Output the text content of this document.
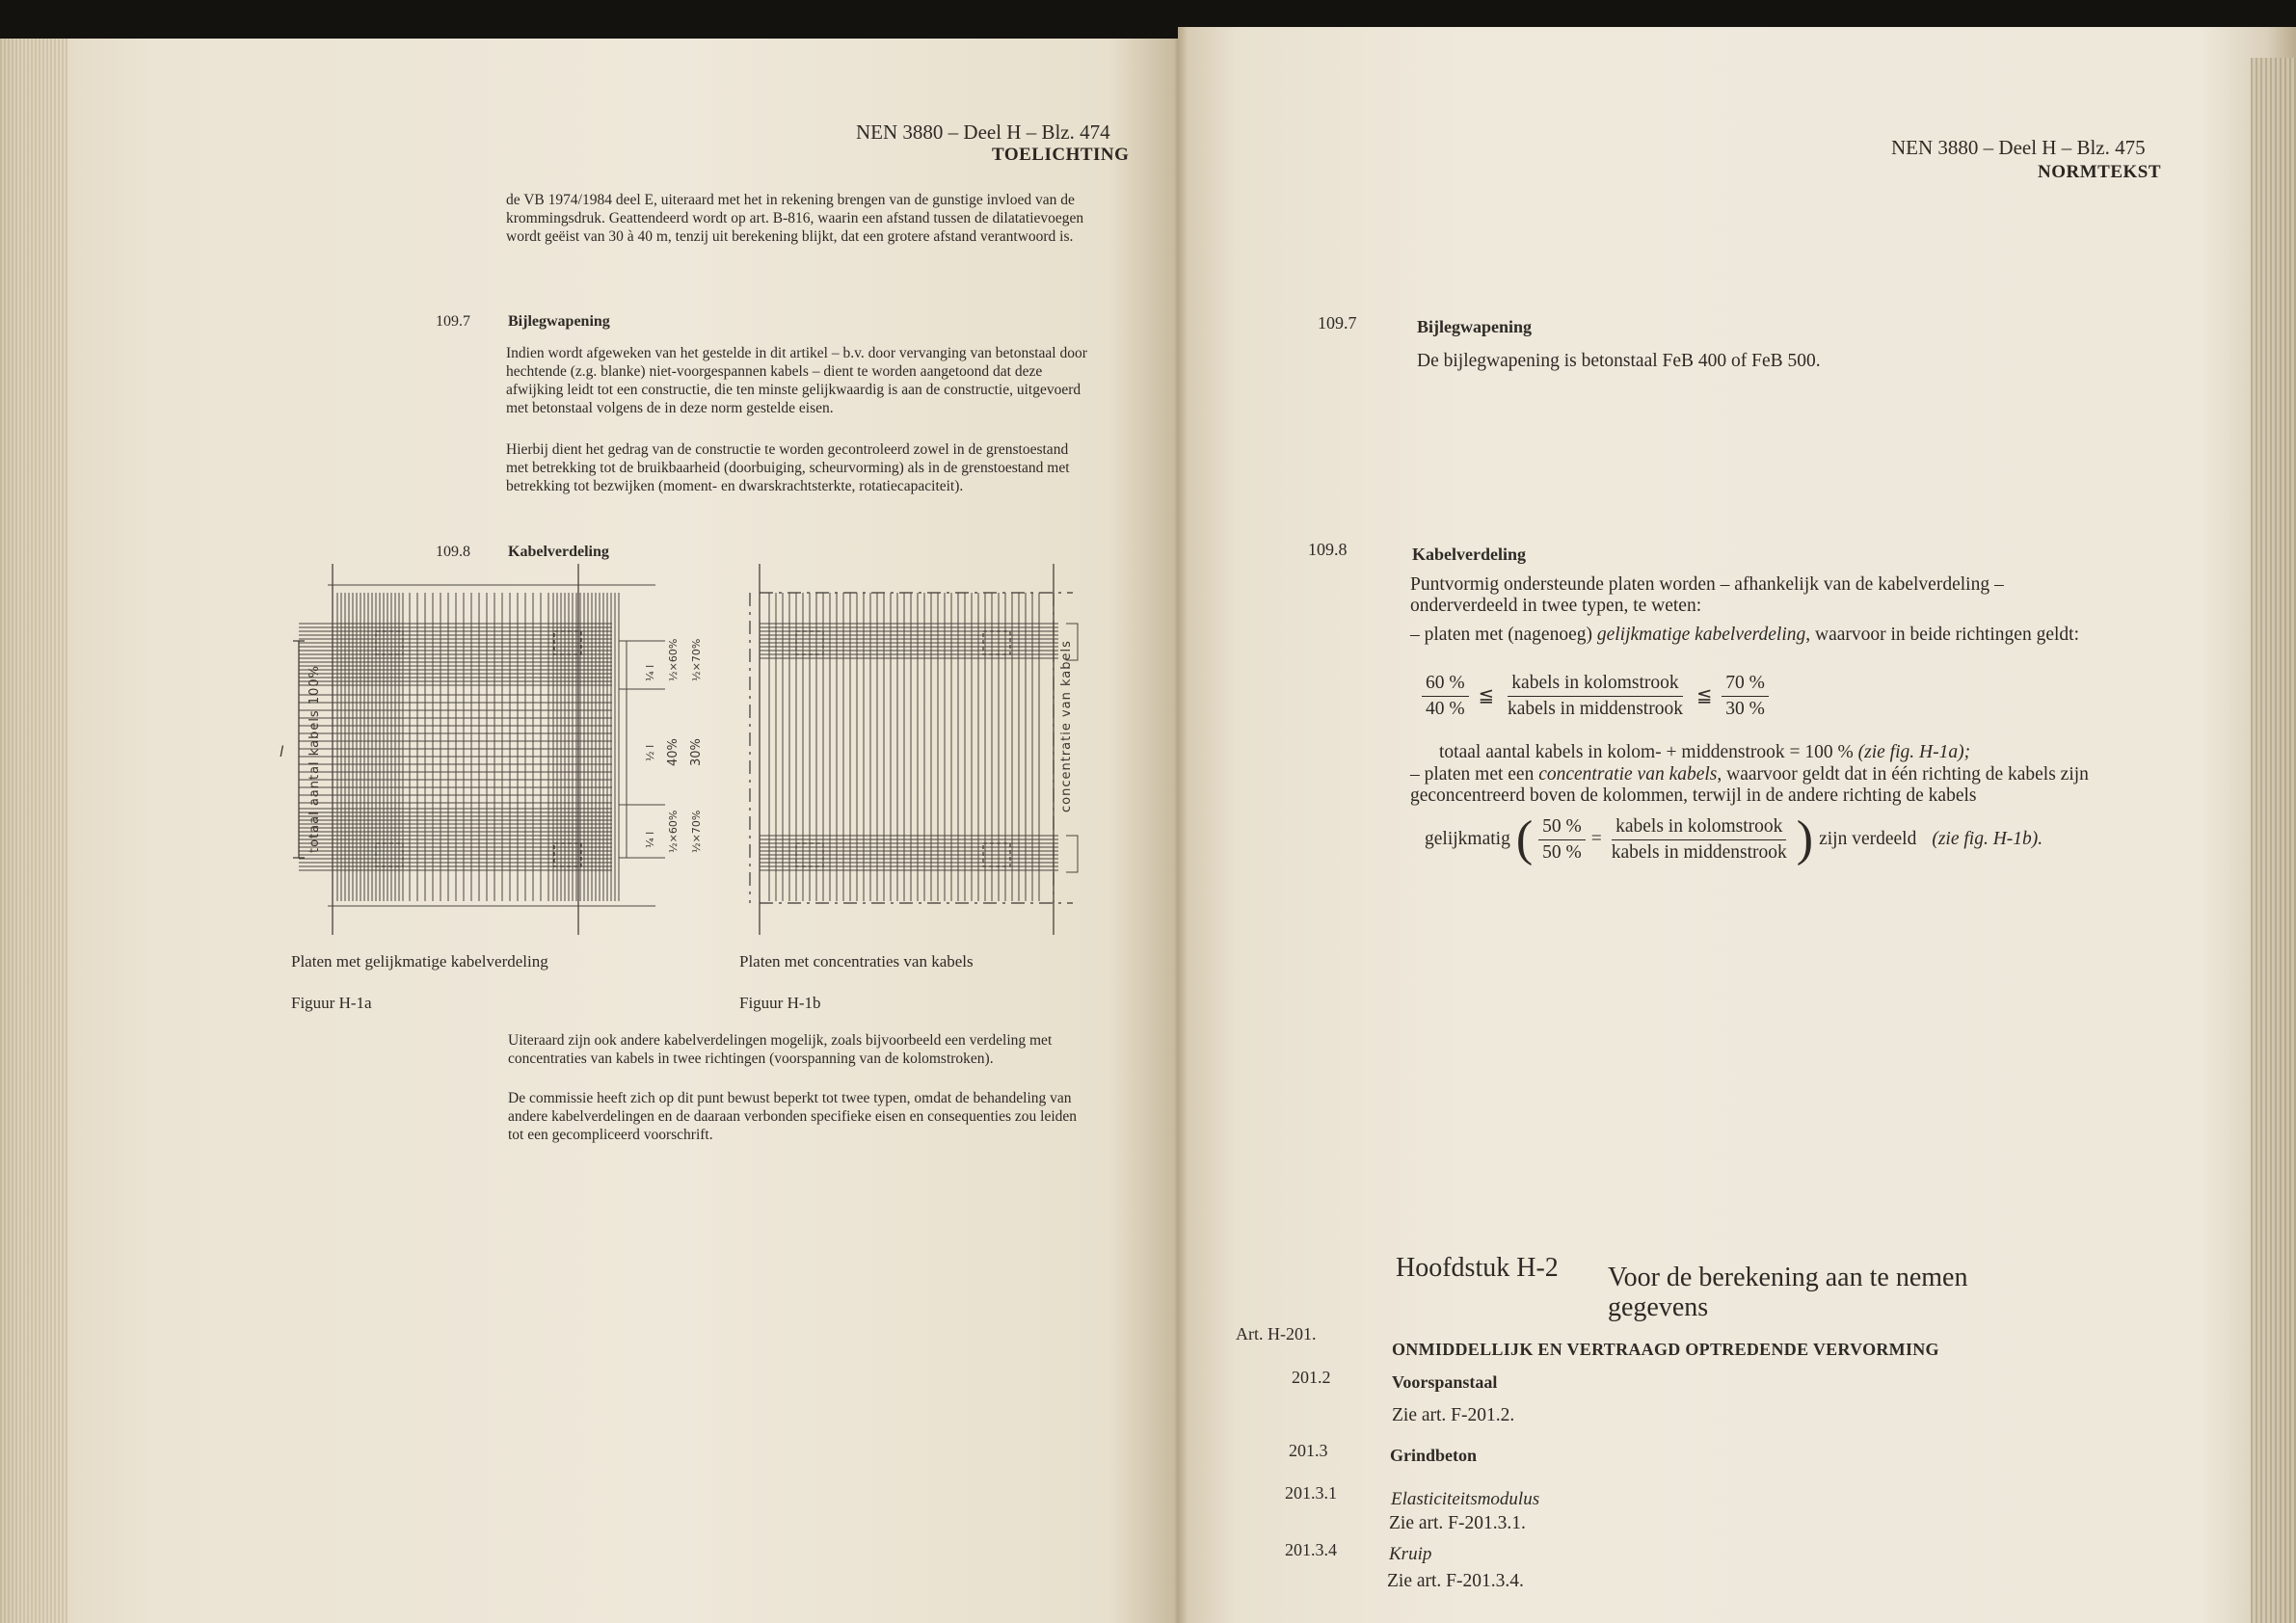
NEN 3880 – Deel H – Blz. 474
TOELICHTING
de VB 1974/1984 deel E, uiteraard met het in rekening brengen van de gunstige invloed van de krommingsdruk. Geattendeerd wordt op art. B-816, waarin een afstand tussen de dilatatievoegen wordt geëist van 30 à 40 m, tenzij uit berekening blijkt, dat een grotere afstand verantwoord is.
109.7 Bijlegwapening
Indien wordt afgeweken van het gestelde in dit artikel – b.v. door vervanging van betonstaal door hechtende (z.g. blanke) niet-voorgespannen kabels – dient te worden aangetoond dat deze afwijking leidt tot een constructie, die ten minste gelijkwaardig is aan de constructie, uitgevoerd met betonstaal volgens de in deze norm gestelde eisen.
Hierbij dient het gedrag van de constructie te worden gecontroleerd zowel in de grenstoestand met betrekking tot de bruikbaarheid (doorbuiging, scheurvorming) als in de grenstoestand met betrekking tot bezwijken (moment- en dwarskrachtsterkte, rotatiecapaciteit).
109.8 Kabelverdeling
l totaal aantal kabels 100%	¼ l ½×60% ½×70%
½ l 40% 30%
¼ l ½×60% ½×70%
concentratie van kabels
Platen met gelijkmatige kabelverdeling	Platen met concentraties van kabels
Figuur H-1a	Figuur H-1b
Uiteraard zijn ook andere kabelverdelingen mogelijk, zoals bijvoorbeeld een verdeling met concentraties van kabels in twee richtingen (voorspanning van de kolomstroken).
De commissie heeft zich op dit punt bewust beperkt tot twee typen, omdat de behandeling van andere kabelverdelingen en de daaraan verbonden specifieke eisen en consequenties zou leiden tot een gecompliceerd voorschrift.
NEN 3880 – Deel H – Blz. 475
NORMTEKST
109.7	Bijlegwapening
De bijlegwapening is betonstaal FeB 400 of FeB 500.
109.8	Kabelverdeling
Puntvormig ondersteunde platen worden – afhankelijk van de kabelverdeling – onderverdeeld in twee typen, te weten:
– platen met (nagenoeg) gelijkmatige kabelverdeling, waarvoor in beide richtingen geldt:
$\frac{60 \%}{40 \%}$ ≦ $\frac{\text{kabels in kolomstrook}}{\text{kabels in middenstrook}}$ ≦ $\frac{70 \%}{30 \%}$
totaal aantal kabels in kolom- + middenstrook = 100 % (zie fig. H-1a);
– platen met een concentratie van kabels, waarvoor geldt dat in één richting de kabels zijn geconcentreerd boven de kolommen, terwijl in de andere richting de kabels
gelijkmatig ( $\frac{50 \%}{50 \%} = \frac{\text{kabels in kolomstrook}}{\text{kabels in middenstrook}}$ ) zijn verdeeld (zie fig. H-1b).
Hoofdstuk H-2 Voor de berekening aan te nemen
gegevens
Art. H-201.
ONMIDDELLIJK EN VERTRAAGD OPTREDENDE VERVORMING
201.2	Voorspanstaal
Zie art. F-201.2.
201.3	Grindbeton
201.3.1	Elasticiteitsmodulus
Zie art. F-201.3.1.
201.3.4	Kruip
Zie art. F-201.3.4.
